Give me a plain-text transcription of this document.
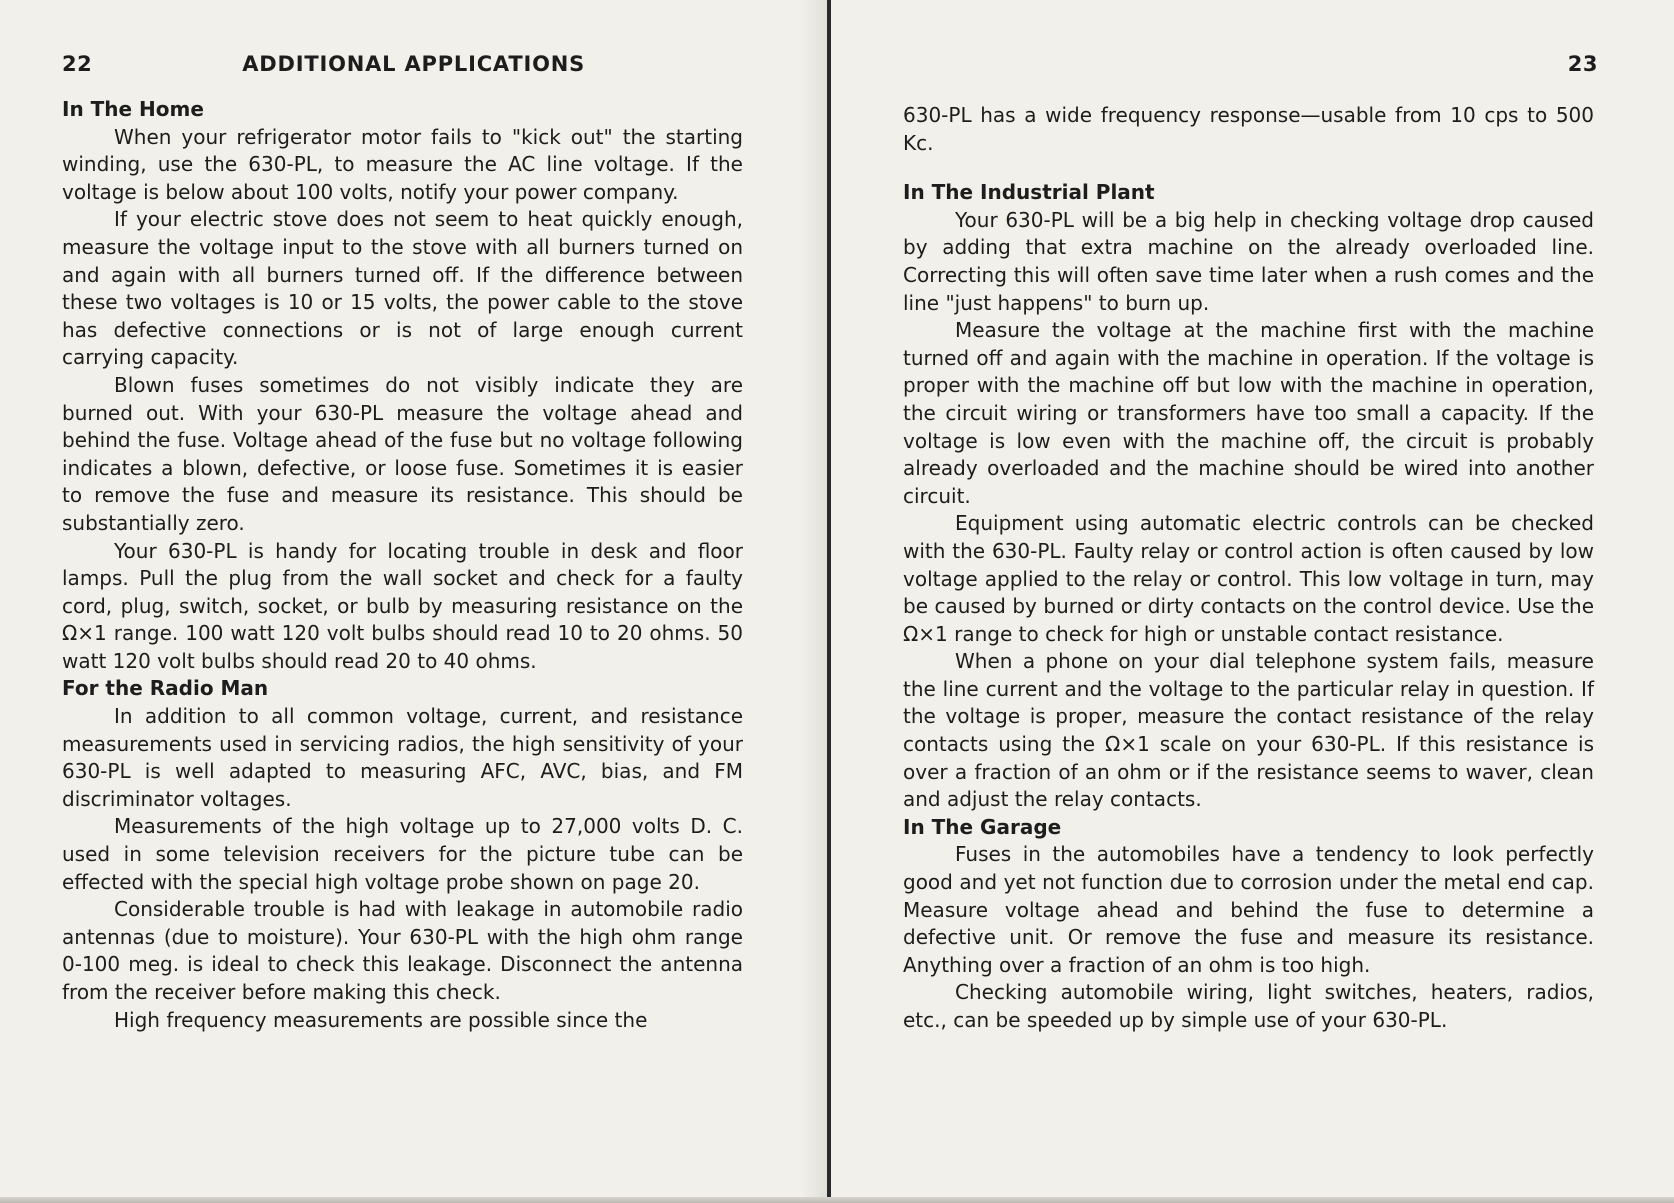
22	ADDITIONAL APPLICATIONS
In The Home

When your refrigerator motor fails to "kick out" the starting winding, use the 630-PL, to measure the AC line voltage. If the voltage is below about 100 volts, notify your power company.

If your electric stove does not seem to heat quickly enough, measure the voltage input to the stove with all burners turned on and again with all burners turned off. If the difference between these two voltages is 10 or 15 volts, the power cable to the stove has defective connections or is not of large enough current carrying capacity.

Blown fuses sometimes do not visibly indicate they are burned out. With your 630-PL measure the voltage ahead and behind the fuse. Voltage ahead of the fuse but no voltage following indicates a blown, defective, or loose fuse. Sometimes it is easier to remove the fuse and measure its resistance. This should be substantially zero.

Your 630-PL is handy for locating trouble in desk and floor lamps. Pull the plug from the wall socket and check for a faulty cord, plug, switch, socket, or bulb by measuring resistance on the Ω×1 range. 100 watt 120 volt bulbs should read 10 to 20 ohms. 50 watt 120 volt bulbs should read 20 to 40 ohms.

For the Radio Man

In addition to all common voltage, current, and resistance measurements used in servicing radios, the high sensitivity of your 630-PL is well adapted to measuring AFC, AVC, bias, and FM discriminator voltages.

Measurements of the high voltage up to 27,000 volts D. C. used in some television receivers for the picture tube can be effected with the special high voltage probe shown on page 20.

Considerable trouble is had with leakage in automobile radio antennas (due to moisture). Your 630-PL with the high ohm range 0-100 meg. is ideal to check this leakage. Disconnect the antenna from the receiver before making this check.

High frequency measurements are possible since the

23

630-PL has a wide frequency response—usable from 10 cps to 500 Kc.

In The Industrial Plant

Your 630-PL will be a big help in checking voltage drop caused by adding that extra machine on the already overloaded line. Correcting this will often save time later when a rush comes and the line "just happens" to burn up.

Measure the voltage at the machine first with the machine turned off and again with the machine in operation. If the voltage is proper with the machine off but low with the machine in operation, the circuit wiring or transformers have too small a capacity. If the voltage is low even with the machine off, the circuit is probably already overloaded and the machine should be wired into another circuit.

Equipment using automatic electric controls can be checked with the 630-PL. Faulty relay or control action is often caused by low voltage applied to the relay or control. This low voltage in turn, may be caused by burned or dirty contacts on the control device. Use the Ω×1 range to check for high or unstable contact resistance.

When a phone on your dial telephone system fails, measure the line current and the voltage to the particular relay in question. If the voltage is proper, measure the contact resistance of the relay contacts using the Ω×1 scale on your 630-PL. If this resistance is over a fraction of an ohm or if the resistance seems to waver, clean and adjust the relay contacts.

In The Garage

Fuses in the automobiles have a tendency to look perfectly good and yet not function due to corrosion under the metal end cap. Measure voltage ahead and behind the fuse to determine a defective unit. Or remove the fuse and measure its resistance. Anything over a fraction of an ohm is too high.

Checking automobile wiring, light switches, heaters, radios, etc., can be speeded up by simple use of your 630-PL.
